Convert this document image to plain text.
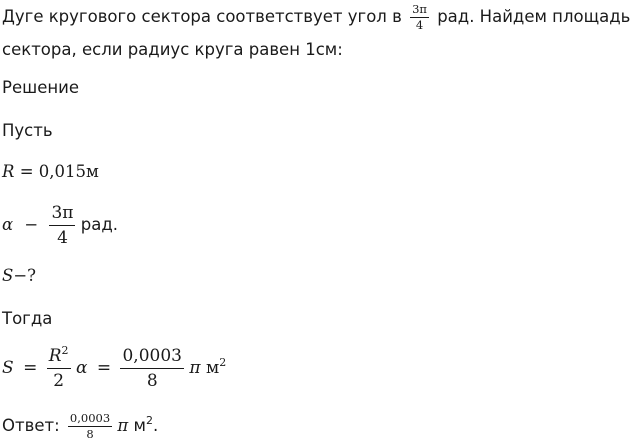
Дуге кругового сектора соответствует угол в $\frac{3\pi}{4}$ рад. Найдем площадь
сектора, если радиус круга равен 1см:
Решение
Пусть
R = 0,015м
$\alpha - \frac{3\pi}{4}$ рад.
S−?
Тогда
$S = \frac{R^2}{2}$ $\alpha = \frac{0,0003}{8}$ π $м^2$
Ответ: $\frac{0,0003}{8}$ π $м^2$.
